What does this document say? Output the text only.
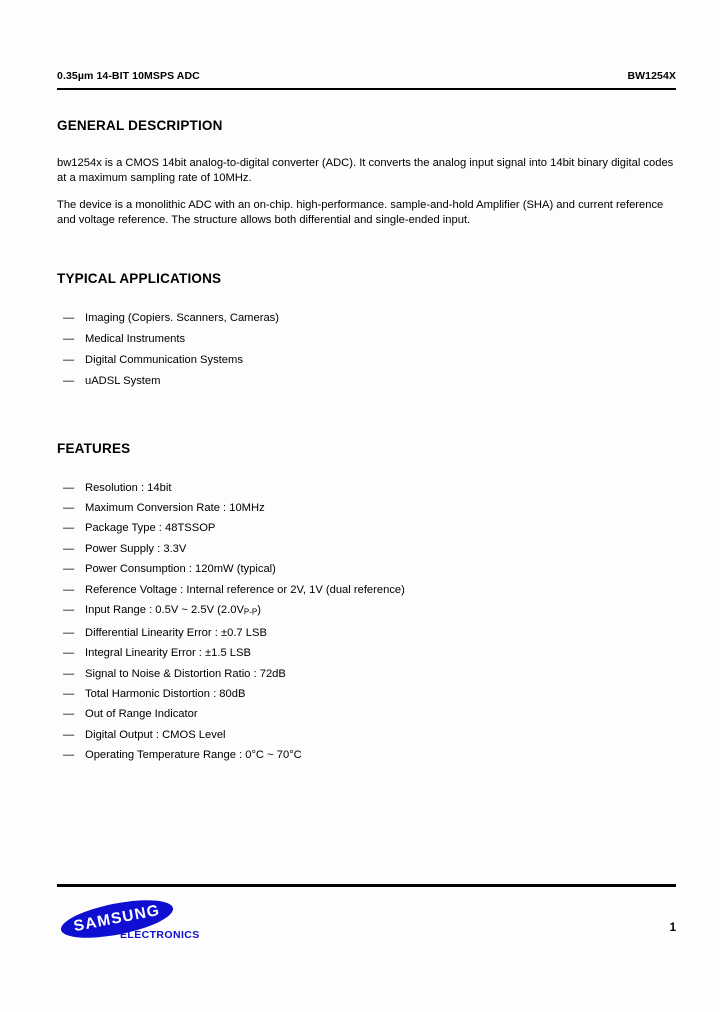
0.35µm 14-BIT 10MSPS ADC	BW1254X
GENERAL DESCRIPTION

bw1254x is a CMOS 14bit analog-to-digital converter (ADC). It converts the analog input signal into 14bit binary digital codes at a maximum sampling rate of 10MHz.

The device is a monolithic ADC with an on-chip. high-performance. sample-and-hold Amplifier (SHA) and current reference and voltage reference. The structure allows both differential and single-ended input.

TYPICAL APPLICATIONS
— Imaging (Copiers. Scanners, Cameras)
— Medical Instruments
— Digital Communication Systems
— uADSL System
FEATURES
— Resolution : 14bit
— Maximum Conversion Rate : 10MHz
— Package Type : 48TSSOP
— Power Supply : 3.3V
— Power Consumption : 120mW (typical)
— Reference Voltage : Internal reference or 2V, 1V (dual reference)
— Input Range : 0.5V ~ 2.5V (2.0VP-P)
— Differential Linearity Error : ±0.7 LSB
— Integral Linearity Error : ±1.5 LSB
— Signal to Noise & Distortion Ratio : 72dB
— Total Harmonic Distortion : 80dB
— Out of Range Indicator
— Digital Output : CMOS Level
— Operating Temperature Range : 0°C ~ 70°C
SAMSUNG
ELECTRONICS
1
